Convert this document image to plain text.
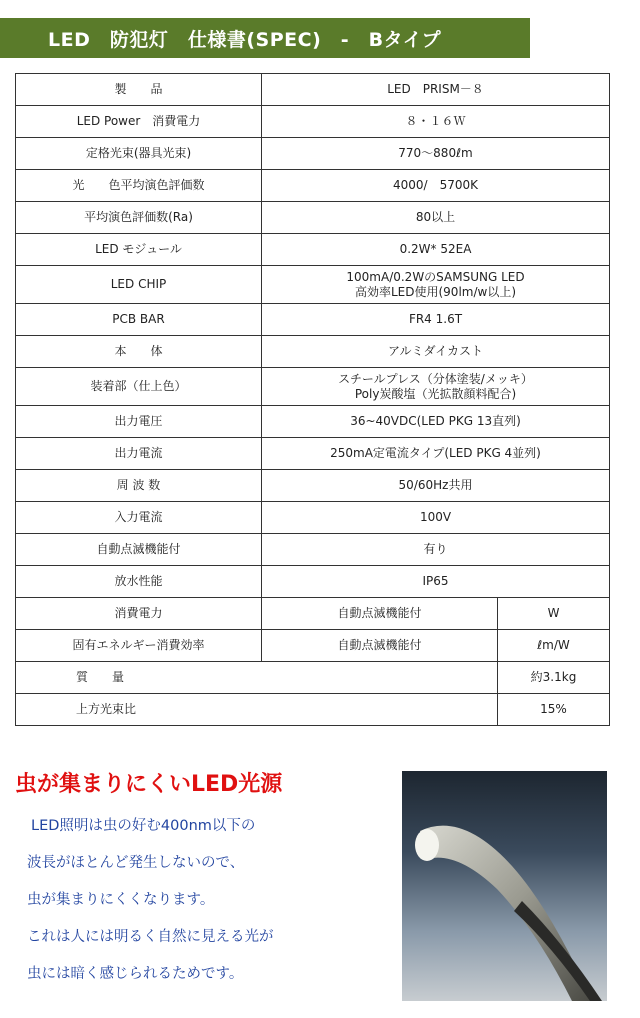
LED　防犯灯　仕様書(SPEC)　-　Bタイプ
製　　品	LED　PRISM－８	
LED Power　消費電力	８・１６Ｗ	
定格光束(器具光束)	770～880ℓm	
光　　色平均演色評価数	4000/　5700K	
平均演色評価数(Ra)	80以上	
LED モジュール	0.2W* 52EA	
LED CHIP	100mA/0.2WのSAMSUNG LED
高効率LED使用(90lm/w以上)	

PCB BAR	FR4 1.6T	
本　　体	アルミダイカスト	
装着部（仕上色）	スチールプレス（分体塗装/メッキ）
Poly炭酸塩（光拡散顔料配合)	

出力電圧	36~40VDC(LED PKG 13直列)	
出力電流	250mA定電流タイプ(LED PKG 4並列)	
周 波 数	50/60Hz共用	
入力電流	100V	
自動点滅機能付	有り	
放水性能	IP65	
消費電力	自動点滅機能付	W
固有エネルギー消費効率	自動点滅機能付	ℓm/W
質　　量		約3.1kg
上方光束比		15%
虫が集まりにくいLED光源
LED照明は虫の好む400nm以下の
波長がほとんど発生しないので、
虫が集まりにくくなります。
これは人には明るく自然に見える光が
虫には暗く感じられるためです。
